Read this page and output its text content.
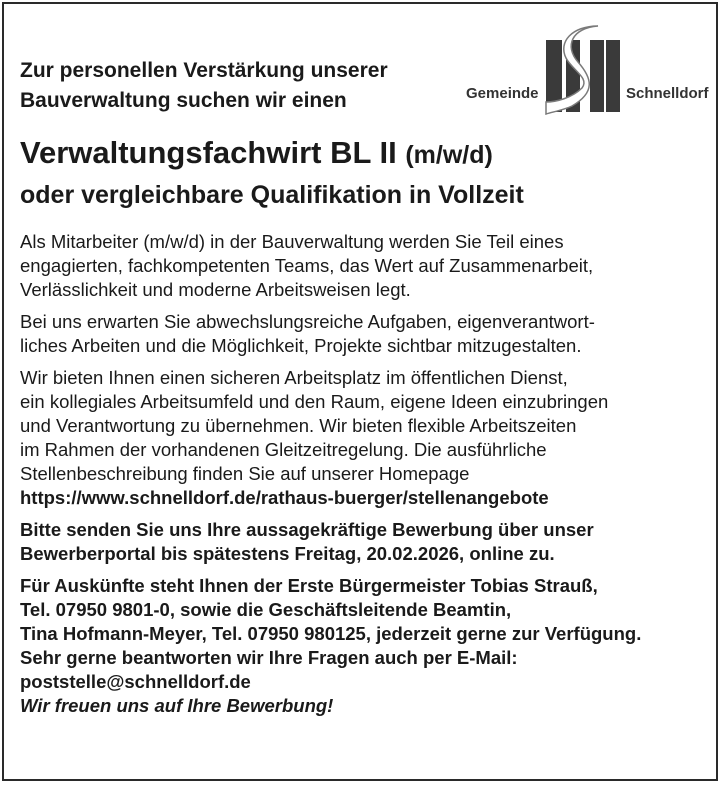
Zur personellen Verstärkung unserer
Bauverwaltung suchen wir einen	Gemeinde	Schnelldorf
Verwaltungsfachwirt BL II (m/w/d)
oder vergleichbare Qualifikation in Vollzeit

Als Mitarbeiter (m/w/d) in der Bauverwaltung werden Sie Teil eines
engagierten, fachkompetenten Teams, das Wert auf Zusammenarbeit,
Verlässlichkeit und moderne Arbeitsweisen legt.

Bei uns erwarten Sie abwechslungsreiche Aufgaben, eigenverantwort-
liches Arbeiten und die Möglichkeit, Projekte sichtbar mitzugestalten.

Wir bieten Ihnen einen sicheren Arbeitsplatz im öffentlichen Dienst,
ein kollegiales Arbeitsumfeld und den Raum, eigene Ideen einzubringen
und Verantwortung zu übernehmen. Wir bieten flexible Arbeitszeiten
im Rahmen der vorhandenen Gleitzeitregelung. Die ausführliche
Stellenbeschreibung finden Sie auf unserer Homepage
https://www.schnelldorf.de/rathaus-buerger/stellenangebote

Bitte senden Sie uns Ihre aussagekräftige Bewerbung über unser
Bewerberportal bis spätestens Freitag, 20.02.2026, online zu.

Für Auskünfte steht Ihnen der Erste Bürgermeister Tobias Strauß,
Tel. 07950 9801-0, sowie die Geschäftsleitende Beamtin,
Tina Hofmann-Meyer, Tel. 07950 980125, jederzeit gerne zur Verfügung.
Sehr gerne beantworten wir Ihre Fragen auch per E-Mail:
poststelle@schnelldorf.de
Wir freuen uns auf Ihre Bewerbung!
